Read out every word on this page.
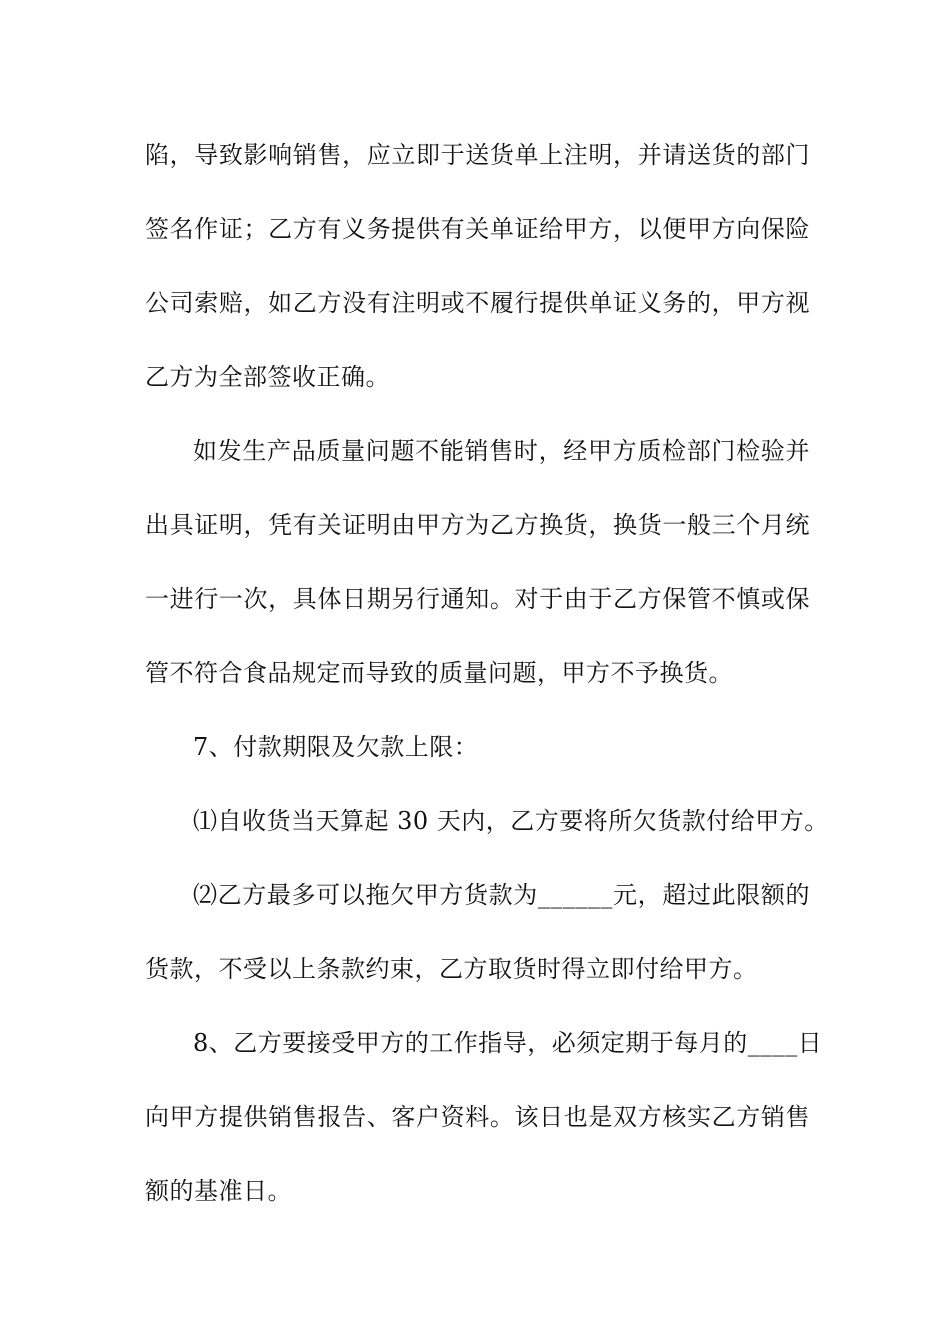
陷，导致影响销售，应立即于送货单上注明，并请送货的部门
签名作证；乙方有义务提供有关单证给甲方，以便甲方向保险
公司索赔，如乙方没有注明或不履行提供单证义务的，甲方视
乙方为全部签收正确。
如发生产品质量问题不能销售时，经甲方质检部门检验并
出具证明，凭有关证明由甲方为乙方换货，换货一般三个月统
一进行一次，具体日期另行通知。对于由于乙方保管不慎或保
管不符合食品规定而导致的质量问题，甲方不予换货。
7、付款期限及欠款上限：
⑴自收货当天算起 30 天内，乙方要将所欠货款付给甲方。
⑵乙方最多可以拖欠甲方货款为______元，超过此限额的
货款，不受以上条款约束，乙方取货时得立即付给甲方。
8、乙方要接受甲方的工作指导，必须定期于每月的____日
向甲方提供销售报告、客户资料。该日也是双方核实乙方销售
额的基准日。
